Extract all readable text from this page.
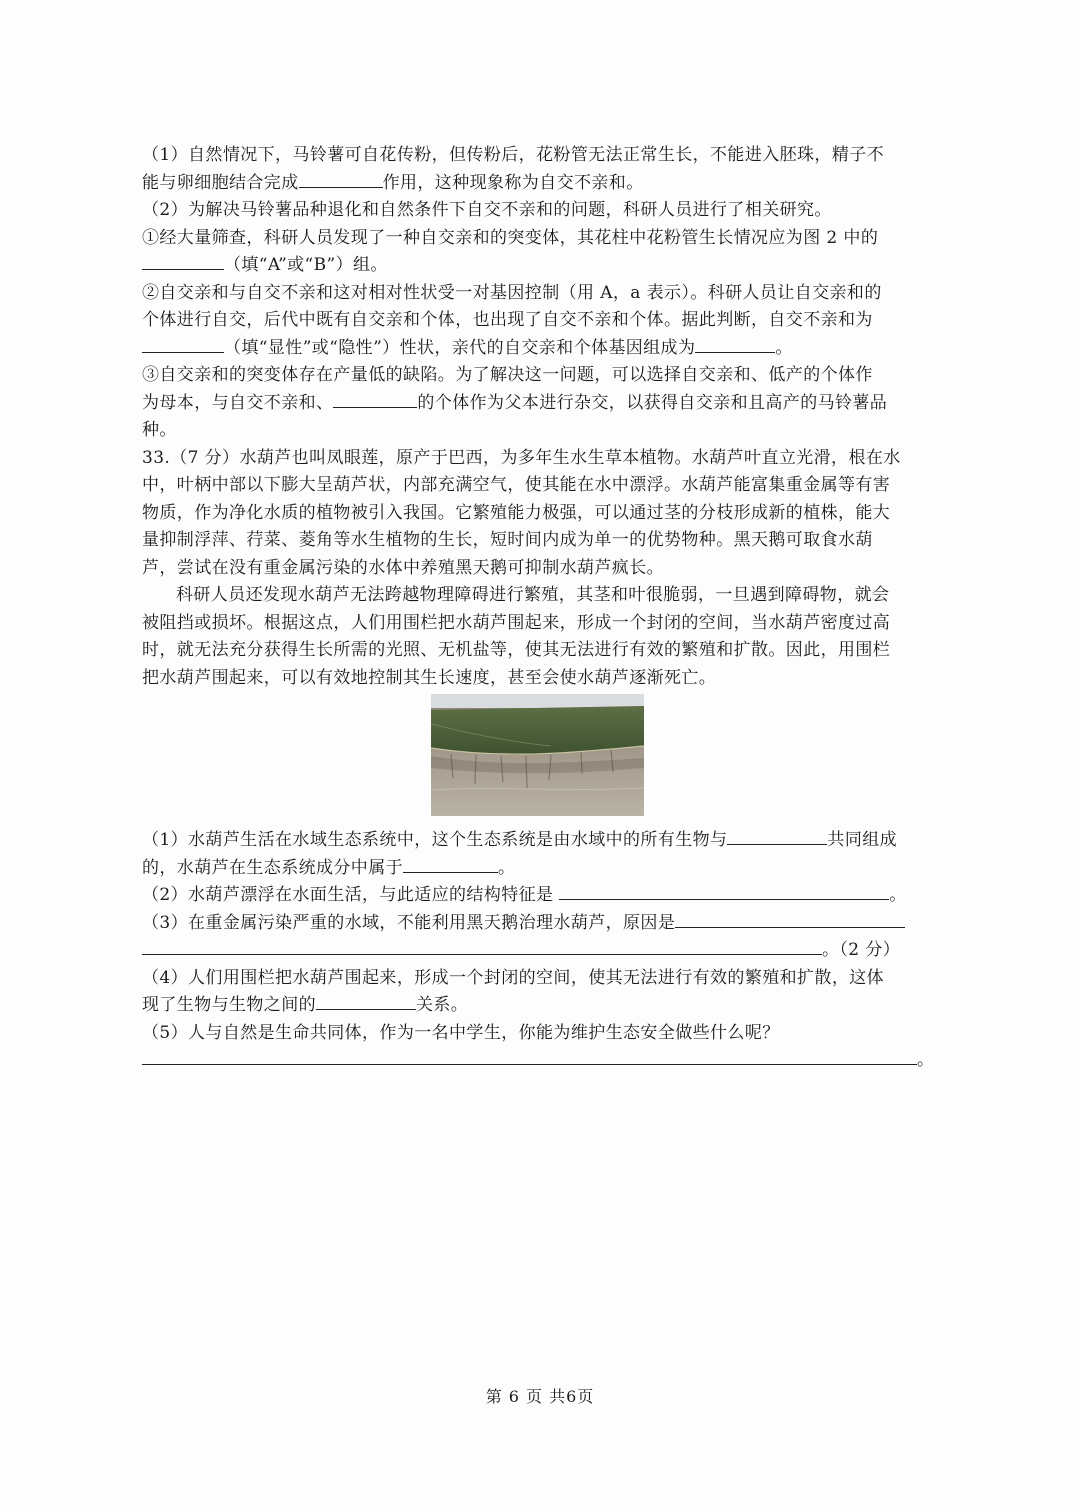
（1）自然情况下，马铃薯可自花传粉，但传粉后，花粉管无法正常生长，不能进入胚珠，精子不
能与卵细胞结合完成	作用，这种现象称为自交不亲和。
（2）为解决马铃薯品种退化和自然条件下自交不亲和的问题，科研人员进行了相关研究。
①经大量筛查，科研人员发现了一种自交亲和的突变体，其花柱中花粉管生长情况应为图 2 中的
（填“A”或“B”）组。
②自交亲和与自交不亲和这对相对性状受一对基因控制（用 A，a 表示）。科研人员让自交亲和的
个体进行自交，后代中既有自交亲和个体，也出现了自交不亲和个体。据此判断，自交不亲和为
（填“显性”或“隐性”）性状，亲代的自交亲和个体基因组成为	。
③自交亲和的突变体存在产量低的缺陷。为了解决这一问题，可以选择自交亲和、低产的个体作
为母本，与自交不亲和、	的个体作为父本进行杂交，以获得自交亲和且高产的马铃薯品
种。
33.（7 分）水葫芦也叫凤眼莲，原产于巴西，为多年生水生草本植物。水葫芦叶直立光滑，根在水
中，叶柄中部以下膨大呈葫芦状，内部充满空气，使其能在水中漂浮。水葫芦能富集重金属等有害
物质，作为净化水质的植物被引入我国。它繁殖能力极强，可以通过茎的分枝形成新的植株，能大
量抑制浮萍、荇菜、菱角等水生植物的生长，短时间内成为单一的优势物种。黑天鹅可取食水葫
芦，尝试在没有重金属污染的水体中养殖黑天鹅可抑制水葫芦疯长。
科研人员还发现水葫芦无法跨越物理障碍进行繁殖，其茎和叶很脆弱，一旦遇到障碍物，就会
被阻挡或损坏。根据这点，人们用围栏把水葫芦围起来，形成一个封闭的空间，当水葫芦密度过高
时，就无法充分获得生长所需的光照、无机盐等，使其无法进行有效的繁殖和扩散。因此，用围栏
把水葫芦围起来，可以有效地控制其生长速度，甚至会使水葫芦逐渐死亡。
（1）水葫芦生活在水域生态系统中，这个生态系统是由水域中的所有生物与	共同组成
的，水葫芦在生态系统成分中属于	。
（2）水葫芦漂浮在水面生活，与此适应的结构特征是	。
（3）在重金属污染严重的水域，不能利用黑天鹅治理水葫芦，原因是
。（2 分）
（4）人们用围栏把水葫芦围起来，形成一个封闭的空间，使其无法进行有效的繁殖和扩散，这体
现了生物与生物之间的	关系。
（5）人与自然是生命共同体，作为一名中学生，你能为维护生态安全做些什么呢？
。
第 6 页 共6页
